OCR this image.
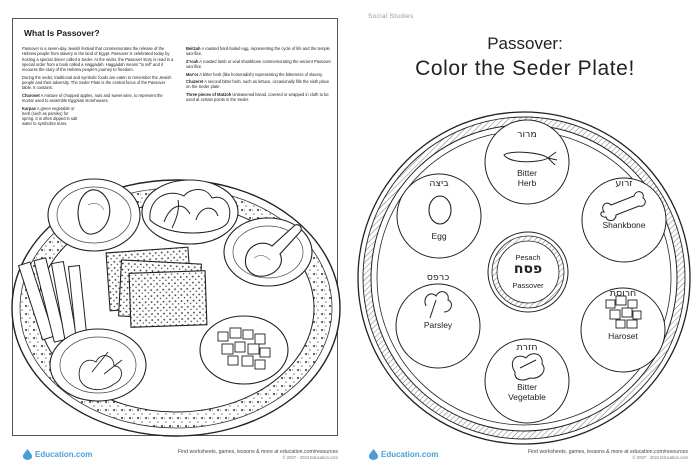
What Is Passover?

Passover is a seven-day Jewish festival that commemorates the release of the Hebrew people from slavery in the land of Egypt. Passover is celebrated today by hosting a special dinner called a Seder. At the seder, the Passover story is read in a special order from a book called a Haggadah. Haggadah means "to tell" and it recounts the story of the Hebrew people's journey to freedom.

During the seder, traditional and symbolic foods are eaten to remember the Jewish people and their adversity. The Seder Plate is the central focus of the Passover table. It contains:

Charoset A mixture of chopped apples, nuts and sweet wine, to represent the mortar used to assemble Egyptian storehouses.

Karpas A green vegetable or herb (such as parsley) for spring. It is often dipped in salt water to symbolize tears.

Beitzah A roasted hard-boiled egg, representing the cycle of life and the temple sacrifice.

Z'roah A roasted lamb or veal shankbone commemorating the ancient Passover sacrifice.

Mar'or A bitter herb (like horseradish) representing the bitterness of slavery.

Chazeret A second bitter herb, such as lettuce, occasionally fills the sixth place on the Seder plate.

Three pieces of Matzoh Unleavened bread, covered or wrapped in cloth to be used at certain points in the Seder.

Education.com	Find worksheets, games, lessons & more at education.com/resources
© 2007 - 2024 Education.com
Social Studies
Passover:
Color the Seder Plate!
Pesach
פסח
Passover
מרור
Bitter
Herb	זרוע
Shankbone
חרוסת
Haroset
חזרת
Bitter
Vegetable
כרפס
Parsley
ביצה
Egg
Education.com	Find worksheets, games, lessons & more at education.com/resources
© 2007 - 2024 Education.com
